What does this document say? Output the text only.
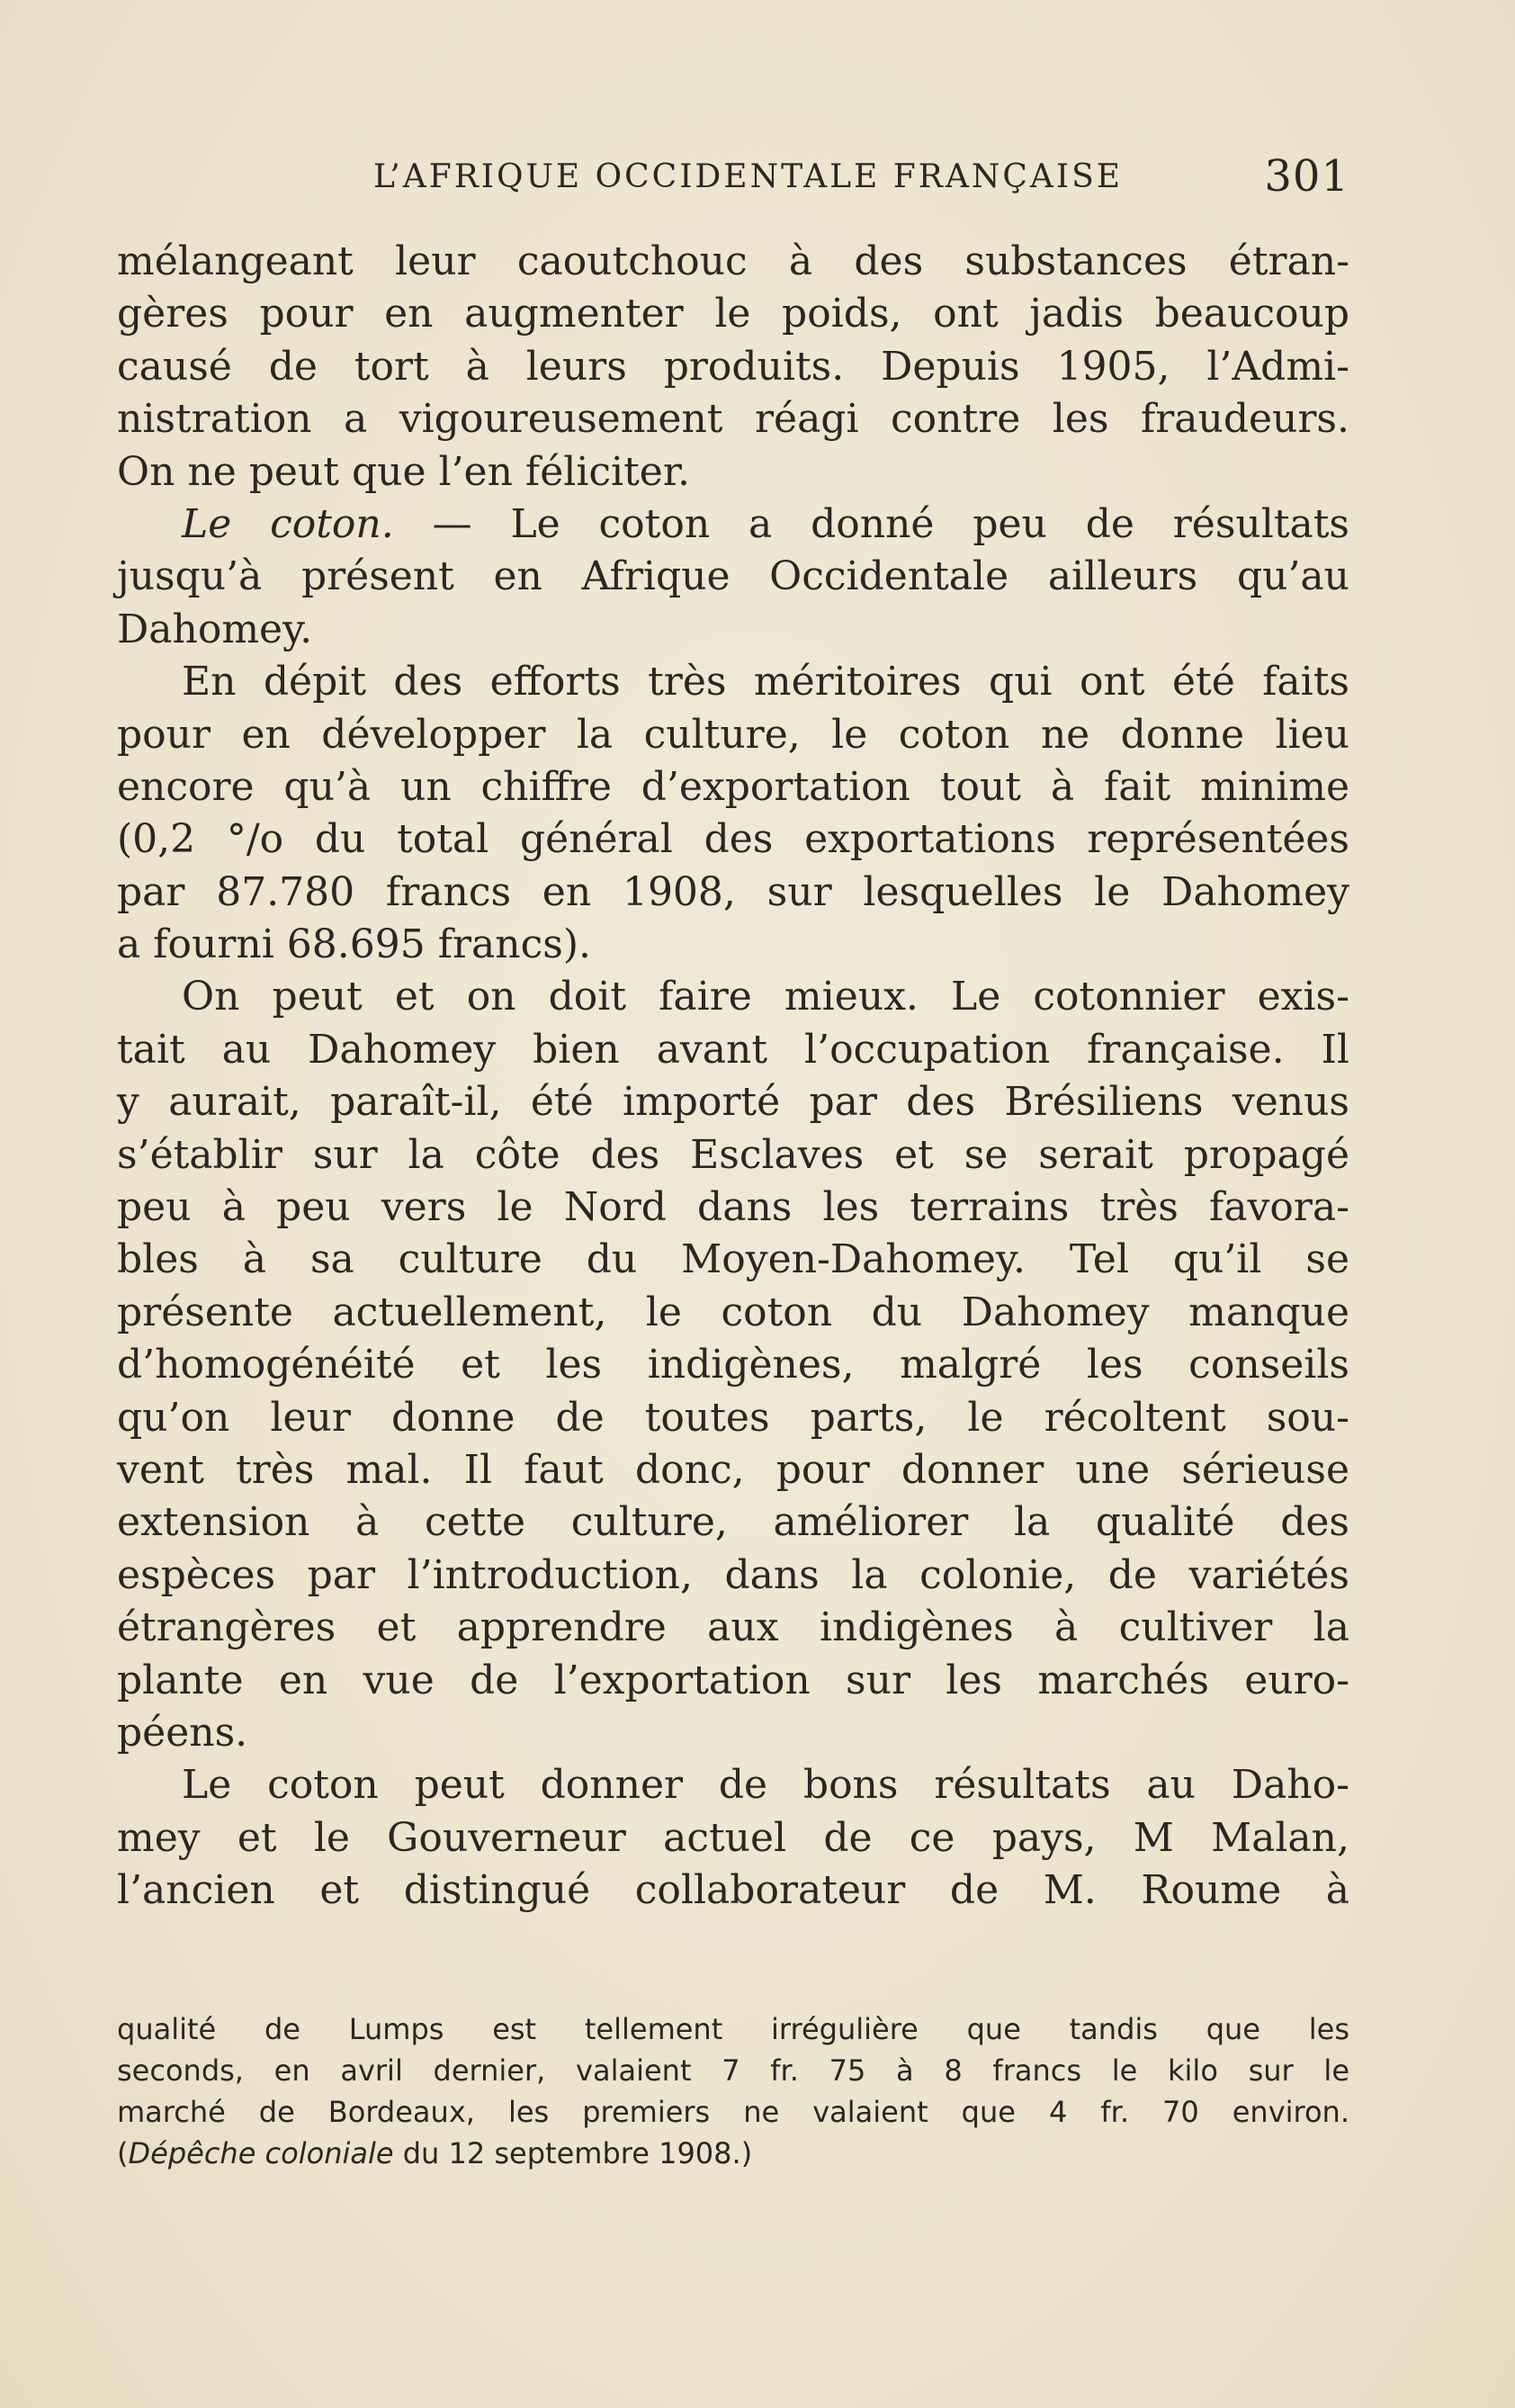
L’AFRIQUE OCCIDENTALE FRANÇAISE	301
mélangeant leur caoutchouc à des substances étran-
gères pour en augmenter le poids, ont jadis beaucoup
causé de tort à leurs produits. Depuis 1905, l’Admi-
nistration a vigoureusement réagi contre les fraudeurs.
On ne peut que l’en féliciter.
Le coton. — Le coton a donné peu de résultats
jusqu’à présent en Afrique Occidentale ailleurs qu’au
Dahomey.
En dépit des efforts très méritoires qui ont été faits
pour en développer la culture, le coton ne donne lieu
encore qu’à un chiffre d’exportation tout à fait minime
(0,2 °/o du total général des exportations représentées
par 87.780 francs en 1908, sur lesquelles le Dahomey
a fourni 68.695 francs).
On peut et on doit faire mieux. Le cotonnier exis-
tait au Dahomey bien avant l’occupation française. Il
y aurait, paraît-il, été importé par des Brésiliens venus
s’établir sur la côte des Esclaves et se serait propagé
peu à peu vers le Nord dans les terrains très favora-
bles à sa culture du Moyen-Dahomey. Tel qu’il se
présente actuellement, le coton du Dahomey manque
d’homogénéité et les indigènes, malgré les conseils
qu’on leur donne de toutes parts, le récoltent sou-
vent très mal. Il faut donc, pour donner une sérieuse
extension à cette culture, améliorer la qualité des
espèces par l’introduction, dans la colonie, de variétés
étrangères et apprendre aux indigènes à cultiver la
plante en vue de l’exportation sur les marchés euro-
péens.
Le coton peut donner de bons résultats au Daho-
mey et le Gouverneur actuel de ce pays, M Malan,
l’ancien et distingué collaborateur de M. Roume à
qualité de Lumps est tellement irrégulière que tandis que les
seconds, en avril dernier, valaient 7 fr. 75 à 8 francs le kilo sur le
marché de Bordeaux, les premiers ne valaient que 4 fr. 70 environ.
(Dépêche coloniale du 12 septembre 1908.)
